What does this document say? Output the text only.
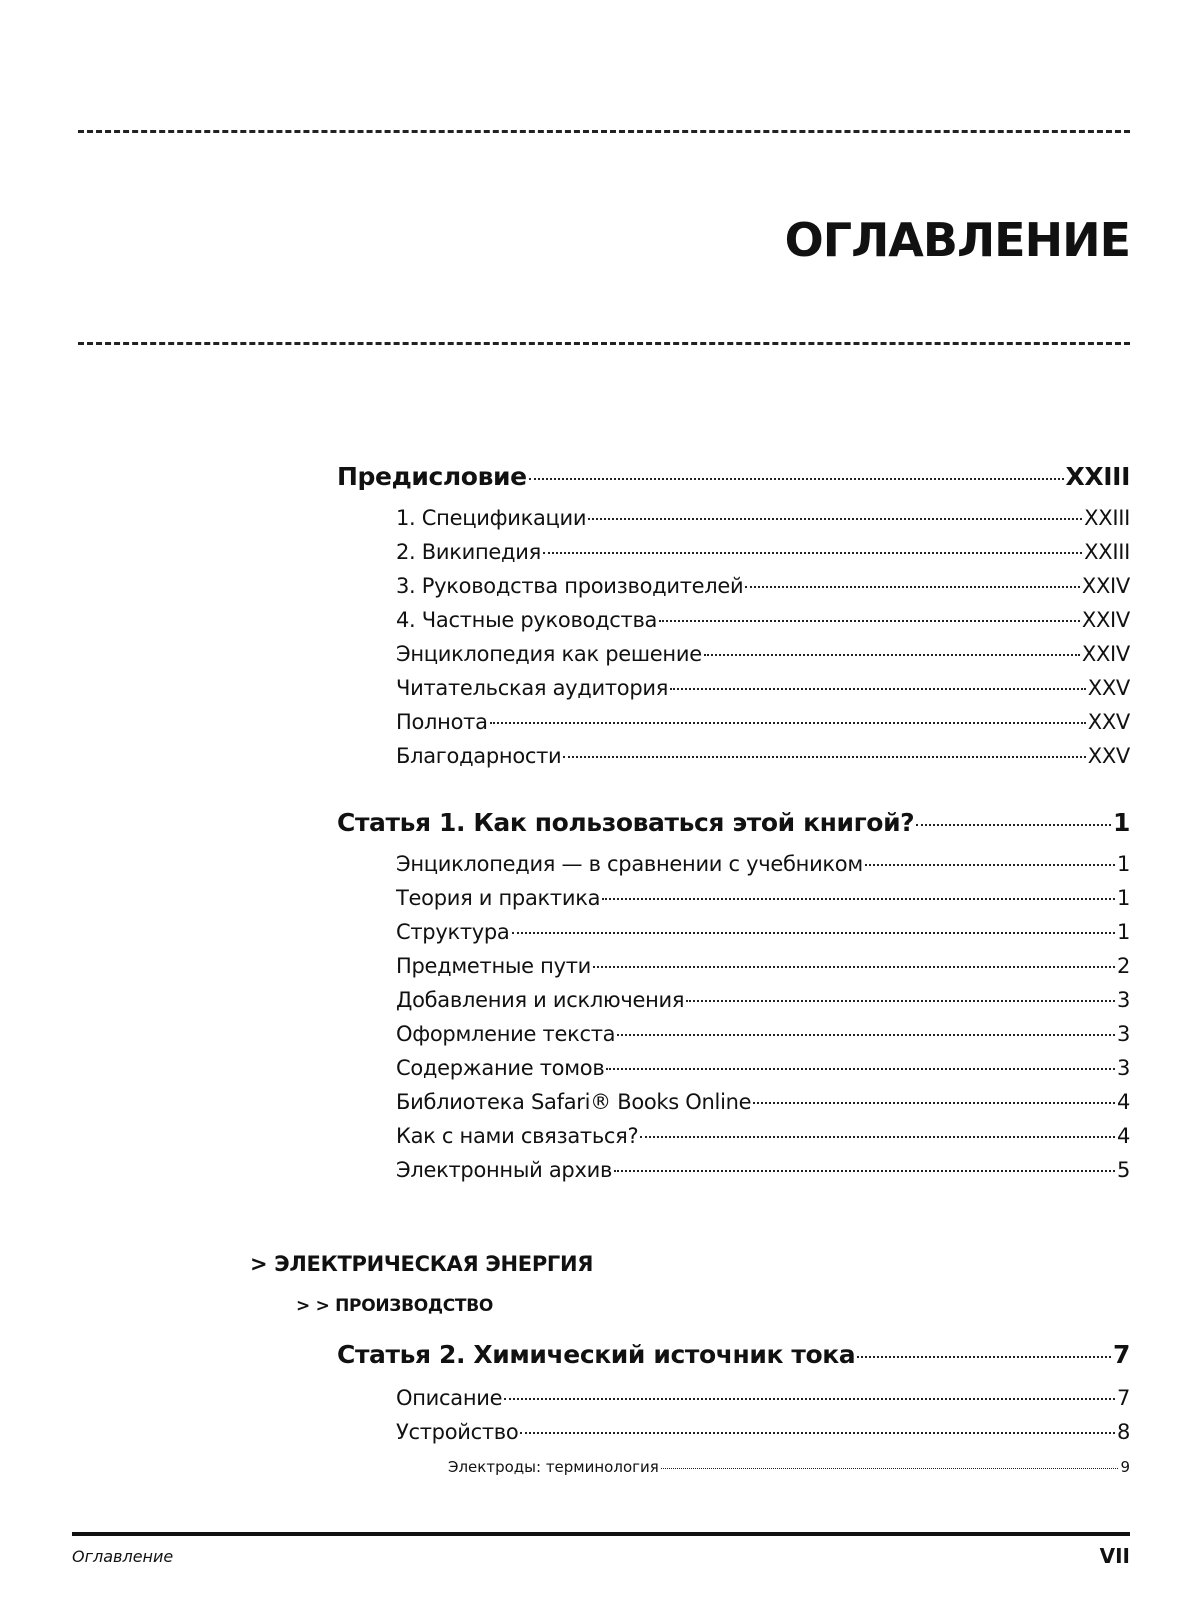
ОГЛАВЛЕНИЕ
Предисловие	XXIII
1. Спецификации	XXIII
2. Википедия	XXIII
3. Руководства производителей	XXIV
4. Частные руководства	XXIV
Энциклопедия как решение	XXIV
Читательская аудитория	XXV
Полнота	XXV
Благодарности	XXV
Статья 1. Как пользоваться этой книгой?	1
Энциклопедия — в сравнении с учебником	1
Теория и практика	1
Структура	1
Предметные пути	2
Добавления и исключения	3
Оформление текста	3
Содержание томов	3
Библиотека Safari® Books Online	4
Как с нами связаться?	4
Электронный архив	5
> ЭЛЕКТРИЧЕСКАЯ ЭНЕРГИЯ
> > ПРОИЗВОДСТВО
Статья 2. Химический источник тока	7
Описание	7
Устройство	8
Электроды: терминология	9
Оглавление	VII
